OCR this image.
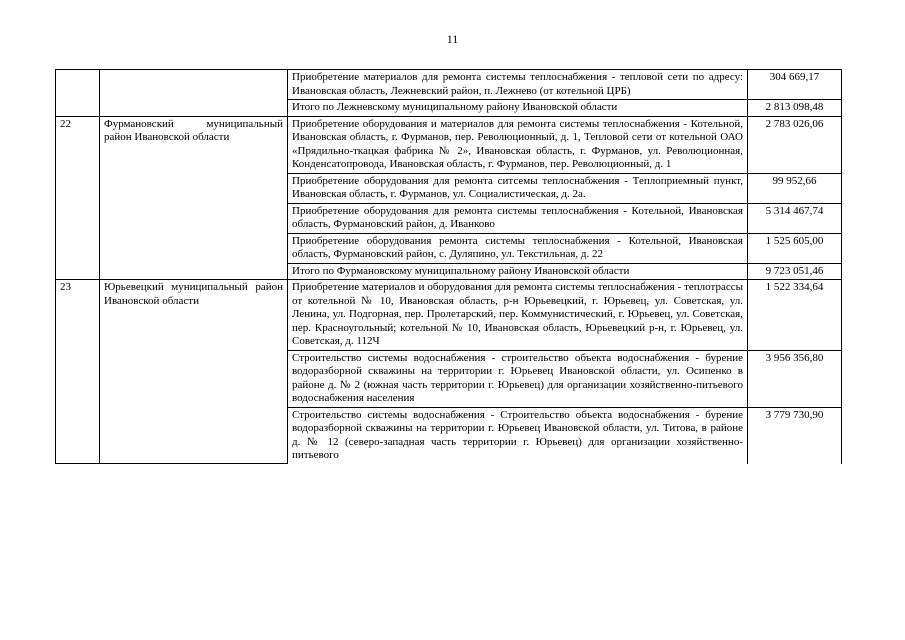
11
		Приобретение материалов для ремонта системы теплоснабжения - тепловой сети по адресу: Ивановская область, Лежневский район, п. Лежнево (от котельной ЦРБ)	304 669,17
		Итого по Лежневскому муниципальному району Ивановской области	2 813 098,48
22	Фурмановский муниципальный район Ивановской области	Приобретение оборудования и материалов для ремонта системы теплоснабжения - Котельной, Ивановская область, г. Фурманов, пер. Революционный, д. 1, Тепловой сети от котельной ОАО «Прядильно-ткацкая фабрика № 2», Ивановская область, г. Фурманов, ул. Революционная, Конденсатопровода, Ивановская область, г. Фурманов, пер. Революционный, д. 1	2 783 026,06
		Приобретение оборудования для ремонта ситсемы теплоснабжения - Теплоприемный пункт, Ивановская область, г. Фурманов, ул. Социалистическая, д. 2а.	99 952,66
		Приобретение оборудования для ремонта системы теплоснабжения - Котельной, Ивановская область, Фурмановский район, д. Иванково	5 314 467,74
		Приобретение оборудования ремонта системы теплоснабжения - Котельной, Ивановская область, Фурмановский район, с. Дуляпино, ул. Текстильная, д. 22	1 525 605,00
		Итого по Фурмановскому муниципальному району Ивановской области	9 723 051,46
23	Юрьевецкий муниципальный район Ивановской области	Приобретение материалов и оборудования для ремонта системы теплоснабжения - теплотрассы от котельной № 10, Ивановская область, р-н Юрьевецкий, г. Юрьевец, ул. Советская, ул. Ленина, ул. Подгорная, пер. Пролетарский, пер. Коммунистический, г. Юрьевец, ул. Советская, пер. Красноугольный; котельной № 10, Ивановская область, Юрьевецкий р-н, г. Юрьевец, ул. Советская, д. 112Ч	1 522 334,64
		Строительство системы водоснабжения - строительство объекта водоснабжения - бурение водоразборной скважины на территории г. Юрьевец Ивановской области, ул. Осипенко в районе д. № 2 (южная часть территории г. Юрьевец) для организации хозяйственно-питьевого водоснабжения населения	3 956 356,80
		Строительство системы водоснабжения - Строительство объекта водоснабжения - бурение водоразборной скважины на территории г. Юрьевец Ивановской области, ул. Титова, в районе д. № 12 (северо-западная часть территории г. Юрьевец) для организации хозяйственно-питьевого	3 779 730,90
